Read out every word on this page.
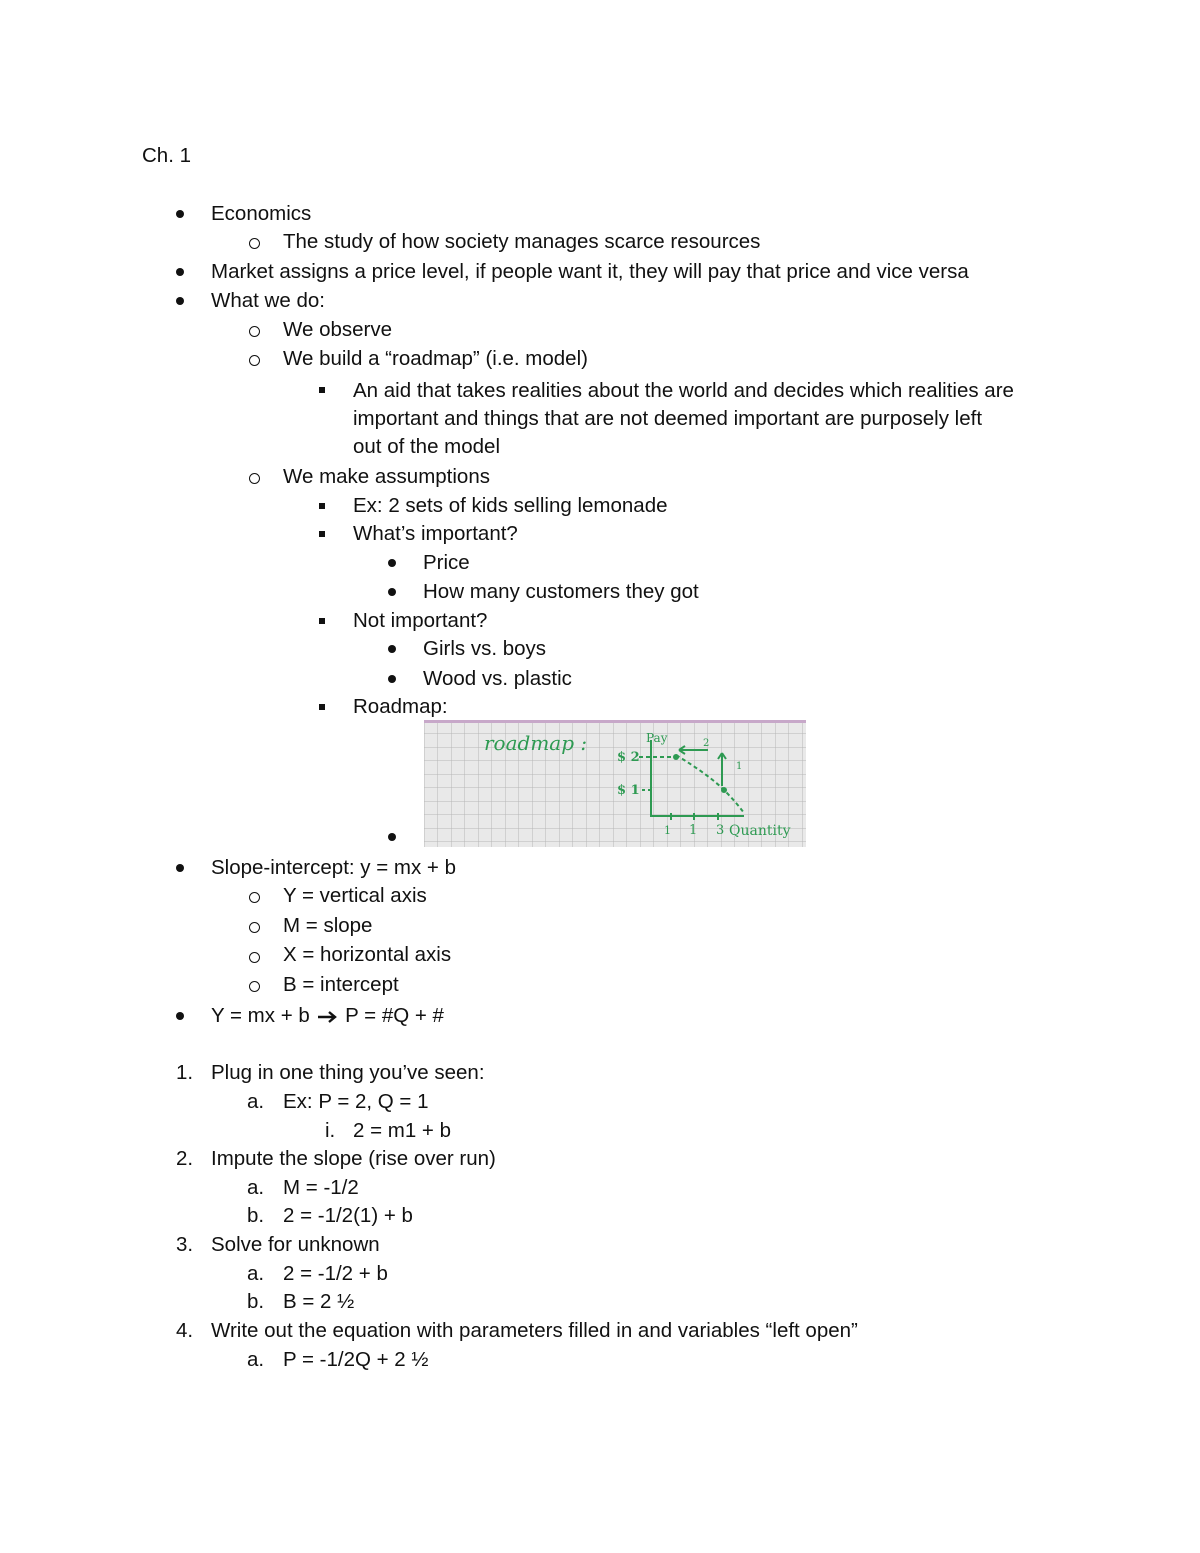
Ch. 1
Economics
The study of how society manages scarce resources
Market assigns a price level, if people want it, they will pay that price and vice versa
What we do:
We observe
We build a “roadmap” (i.e. model)
An aid that takes realities about the world and decides which realities are
important and things that are not deemed important are purposely left
out of the model
We make assumptions
Ex: 2 sets of kids selling lemonade
What’s important?
Price
How many customers they got
Not important?
Girls vs. boys
Wood vs. plastic
Roadmap:
roadmap :	Pay
$ 2
$ 1
1 1 3 Quantity
2
1
Slope-intercept: y = mx + b
Y = vertical axis
M = slope
X = horizontal axis
B = intercept
Y = mx + b P = #Q + #
1. Plug in one thing you’ve seen:
a. Ex: P = 2, Q = 1
i. 2 = m1 + b
2. Impute the slope (rise over run)
a. M = -1/2
b. 2 = -1/2(1) + b
3. Solve for unknown
a. 2 = -1/2 + b
b. B = 2 ½
4. Write out the equation with parameters filled in and variables “left open”
a. P = -1/2Q + 2 ½
